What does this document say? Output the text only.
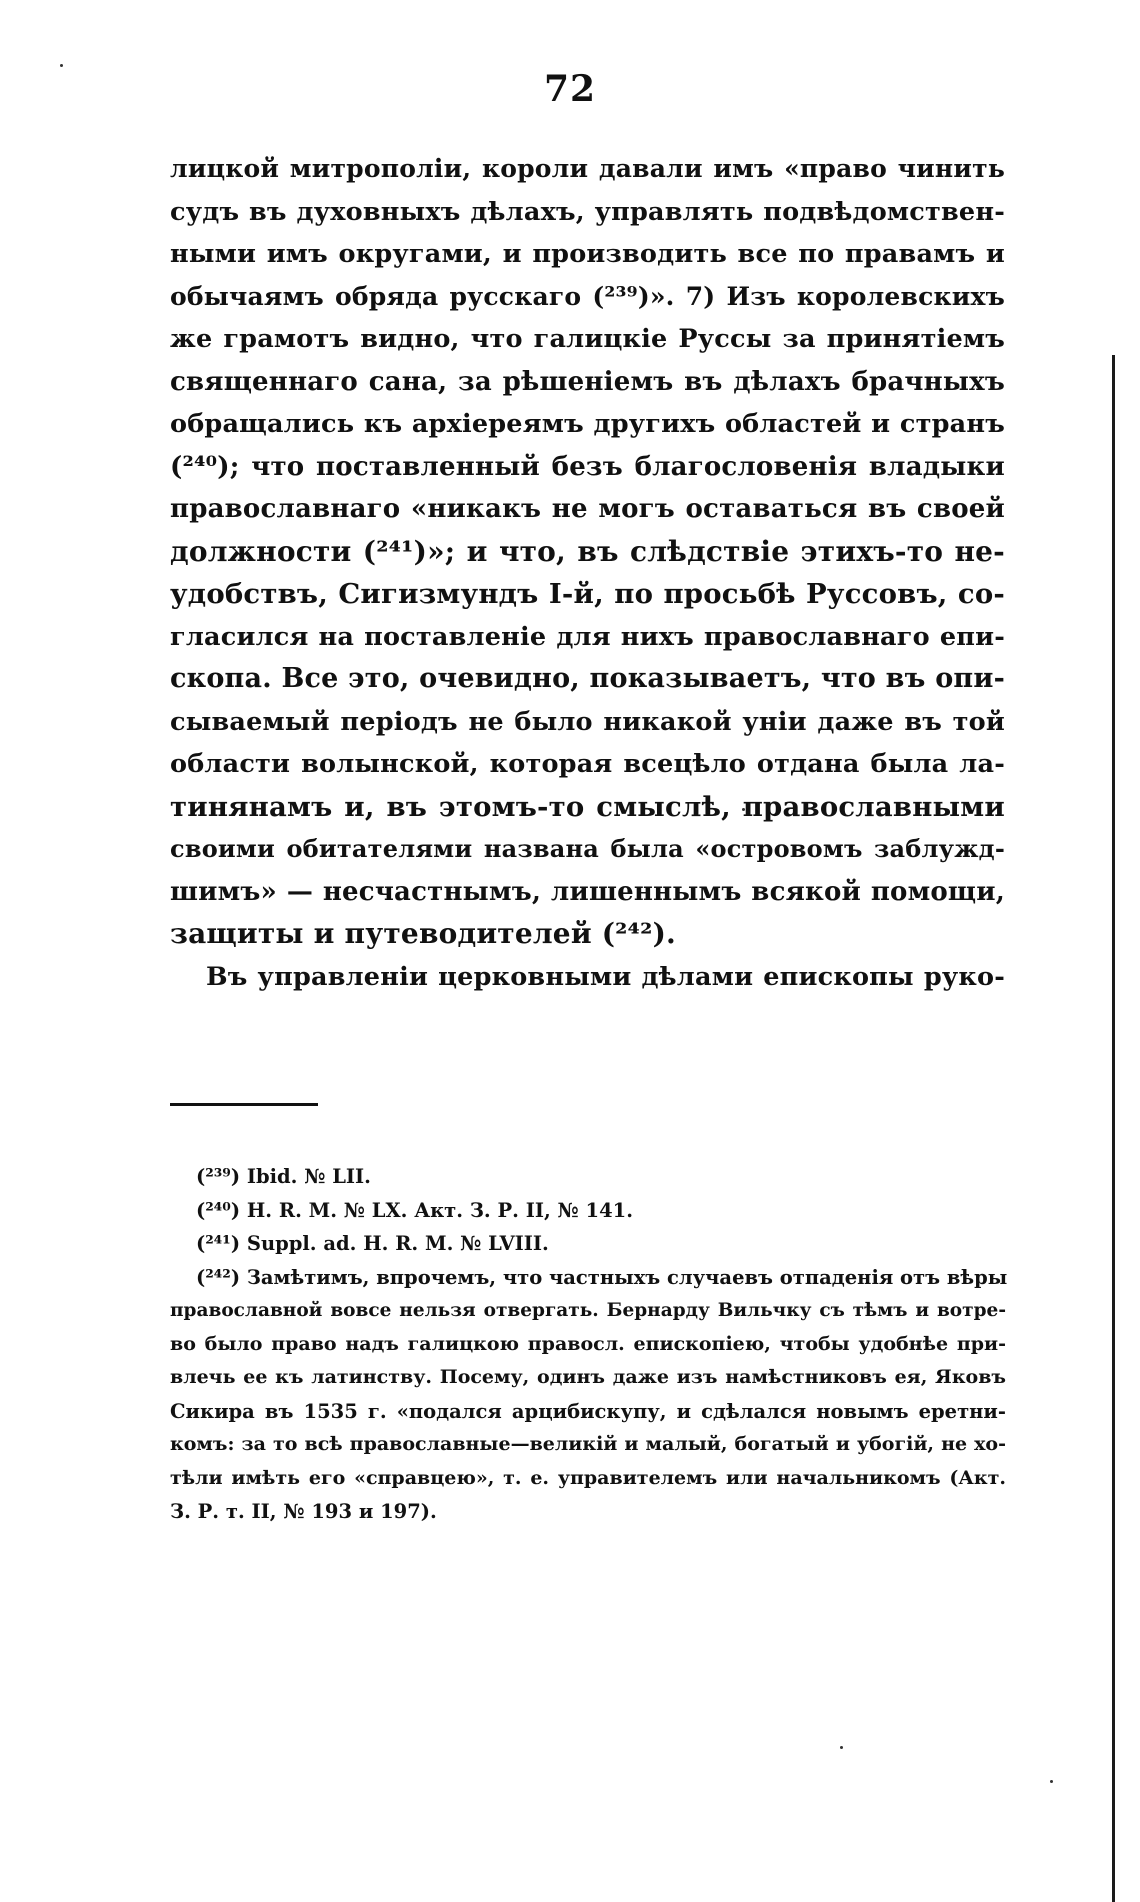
72
лицкой митрополіи, короли давали имъ «право чинить
судъ въ духовныхъ дѣлахъ, управлять подвѣдомствен-
ными имъ округами, и производить все по правамъ и
обычаямъ обряда русскаго (²³⁹)». 7) Изъ королевскихъ
же грамотъ видно, что галицкіе Руссы за принятіемъ
священнаго сана, за рѣшеніемъ въ дѣлахъ брачныхъ
обращались къ архіереямъ другихъ областей и странъ
(²⁴⁰); что поставленный безъ благословенія владыки
православнаго «никакъ не могъ оставаться въ своей
должности (²⁴¹)»; и что, въ слѣдствіе этихъ-то не-
удобствъ, Сигизмундъ I-й, по просьбѣ Руссовъ, со-
гласился на поставленіе для нихъ православнаго епи-
скопа. Все это, очевидно, показываетъ, что въ опи-
сываемый періодъ не было никакой уніи даже въ той
области волынской, которая всецѣло отдана была ла-
тинянамъ и, въ этомъ-то смыслѣ, православными
своими обитателями названа была «островомъ заблужд-
шимъ» — несчастнымъ, лишеннымъ всякой помощи,
защиты и путеводителей (²⁴²).
Въ управленіи церковными дѣлами епископы руко-
(²³⁹) Ibid. № LII.
(²⁴⁰) Н. R. М. № LX. Акт. З. Р. II, № 141.
(²⁴¹) Suppl. ad. H. R. M. № LVIII.
(²⁴²) Замѣтимъ, впрочемъ, что частныхъ случаевъ отпаденія отъ вѣры
православной вовсе нельзя отвергать. Бернарду Вильчку съ тѣмъ и вотре-
во было право надъ галицкою правосл. епископіею, чтобы удобнѣе при-
влечь ее къ латинству. Посему, одинъ даже изъ намѣстниковъ ея, Яковъ
Сикира въ 1535 г. «подался арцибискупу, и сдѣлался новымъ еретни-
комъ: за то всѣ православные—великій и малый, богатый и убогій, не хо-
тѣли имѣть его «справцею», т. е. управителемъ или начальникомъ (Акт.
З. Р. т. II, № 193 и 197).
